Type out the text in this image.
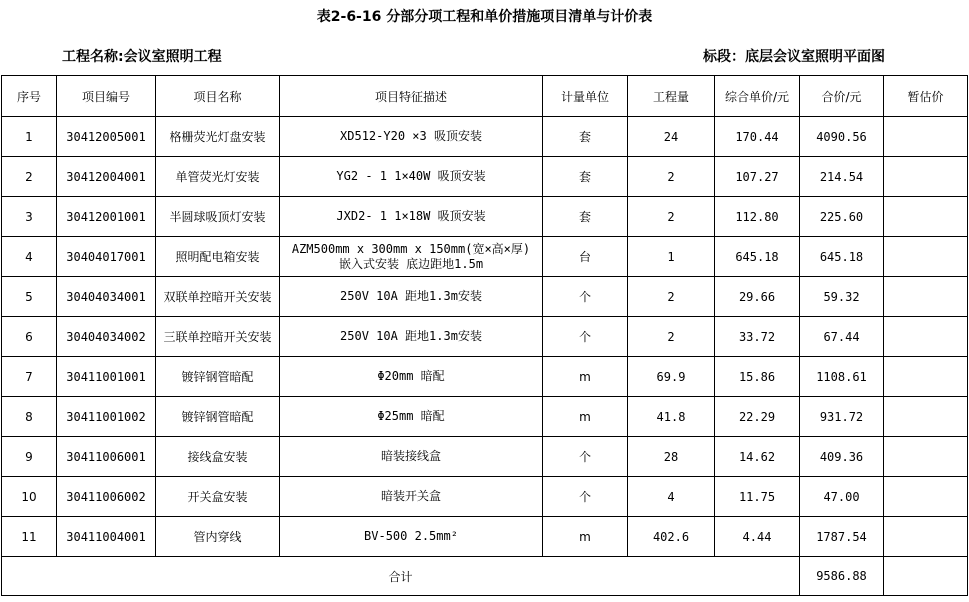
表2-6-16 分部分项工程和单价措施项目清单与计价表
工程名称:会议室照明工程	标段：底层会议室照明平面图
序号	项目编号	项目名称	项目特征描述	计量单位	工程量	综合单价/元	合价/元	暂估价
1	30412005001	格栅荧光灯盘安装	XD512-Y20 ×3 吸顶安装	套	24	170.44	4090.56	
2	30412004001	单管荧光灯安装	YG2 - 1 1×40W 吸顶安装	套	2	107.27	214.54	
3	30412001001	半圆球吸顶灯安装	JXD2- 1 1×18W 吸顶安装	套	2	112.80	225.60	
4	30404017001	照明配电箱安装	AZM500mm x 300mm x 150mm(宽×高×厚)
嵌入式安装 底边距地1.5m	台	1	645.18	645.18	
5	30404034001	双联单控暗开关安装	250V 10A 距地1.3m安装	个	2	29.66	59.32	
6	30404034002	三联单控暗开关安装	250V 10A 距地1.3m安装	个	2	33.72	67.44	
7	30411001001	镀锌钢管暗配	Φ20mm 暗配	m	69.9	15.86	1108.61	
8	30411001002	镀锌钢管暗配	Φ25mm 暗配	m	41.8	22.29	931.72	
9	30411006001	接线盒安装	暗装接线盒	个	28	14.62	409.36	
10	30411006002	开关盒安装	暗装开关盒	个	4	11.75	47.00	
11	30411004001	管内穿线	BV-500 2.5mm²	m	402.6	4.44	1787.54	
合计							9586.88	
